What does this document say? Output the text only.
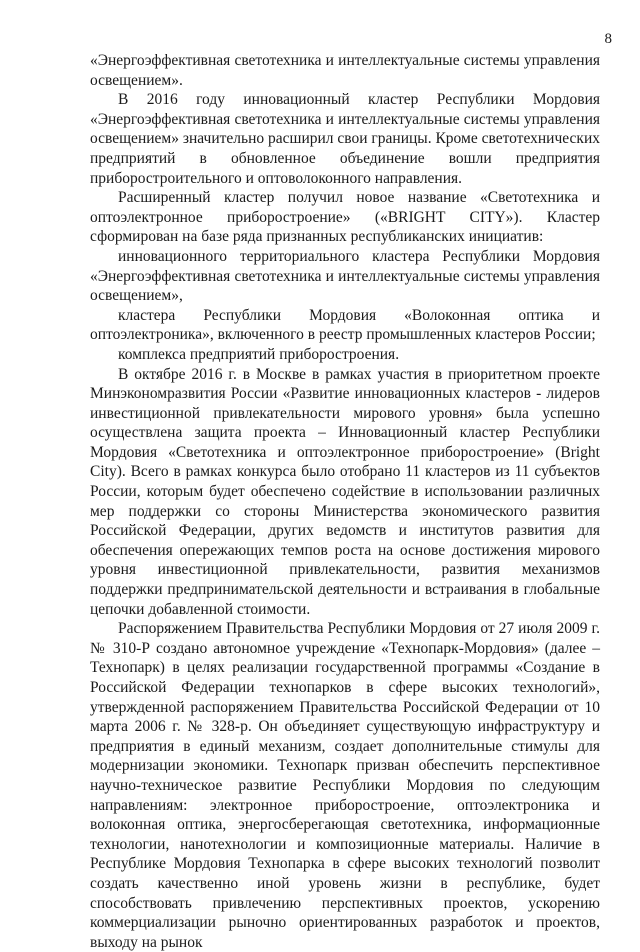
8

«Энергоэффективная светотехника и интеллектуальные системы управления освещением».

В 2016 году инновационный кластер Республики Мордовия «Энергоэффективная светотехника и интеллектуальные системы управления освещением» значительно расширил свои границы. Кроме светотехнических предприятий в обновленное объединение вошли предприятия приборостроительного и оптоволоконного направления.

Расширенный кластер получил новое название «Светотехника и оптоэлектронное приборостроение» («BRIGHT CITY»). Кластер сформирован на базе ряда признанных республиканских инициатив:

инновационного территориального кластера Республики Мордовия «Энергоэффективная светотехника и интеллектуальные системы управления освещением»,

кластера Республики Мордовия «Волоконная оптика и оптоэлектроника», включенного в реестр промышленных кластеров России;

комплекса предприятий приборостроения.

В октябре 2016 г. в Москве в рамках участия в приоритетном проекте Минэкономразвития России «Развитие инновационных кластеров - лидеров инвестиционной привлекательности мирового уровня» была успешно осуществлена защита проекта – Инновационный кластер Республики Мордовия «Светотехника и оптоэлектронное приборостроение» (Bright City). Всего в рамках конкурса было отобрано 11 кластеров из 11 субъектов России, которым будет обеспечено содействие в использовании различных мер поддержки со стороны Министерства экономического развития Российской Федерации, других ведомств и институтов развития для обеспечения опережающих темпов роста на основе достижения мирового уровня инвестиционной привлекательности, развития механизмов поддержки предпринимательской деятельности и встраивания в глобальные цепочки добавленной стоимости.

Распоряжением Правительства Республики Мордовия от 27 июля 2009 г. № 310-Р создано автономное учреждение «Технопарк-Мордовия» (далее – Технопарк) в целях реализации государственной программы «Создание в Российской Федерации технопарков в сфере высоких технологий», утвержденной распоряжением Правительства Российской Федерации от 10 марта 2006 г. № 328-р. Он объединяет существующую инфраструктуру и предприятия в единый механизм, создает дополнительные стимулы для модернизации экономики. Технопарк призван обеспечить перспективное научно-техническое развитие Республики Мордовия по следующим направлениям: электронное приборостроение, оптоэлектроника и волоконная оптика, энергосберегающая светотехника, информационные технологии, нанотехнологии и композиционные материалы. Наличие в Республике Мордовия Технопарка в сфере высоких технологий позволит создать качественно иной уровень жизни в республике, будет способствовать привлечению перспективных проектов, ускорению коммерциализации рыночно ориентированных разработок и проектов, выходу на рынок
